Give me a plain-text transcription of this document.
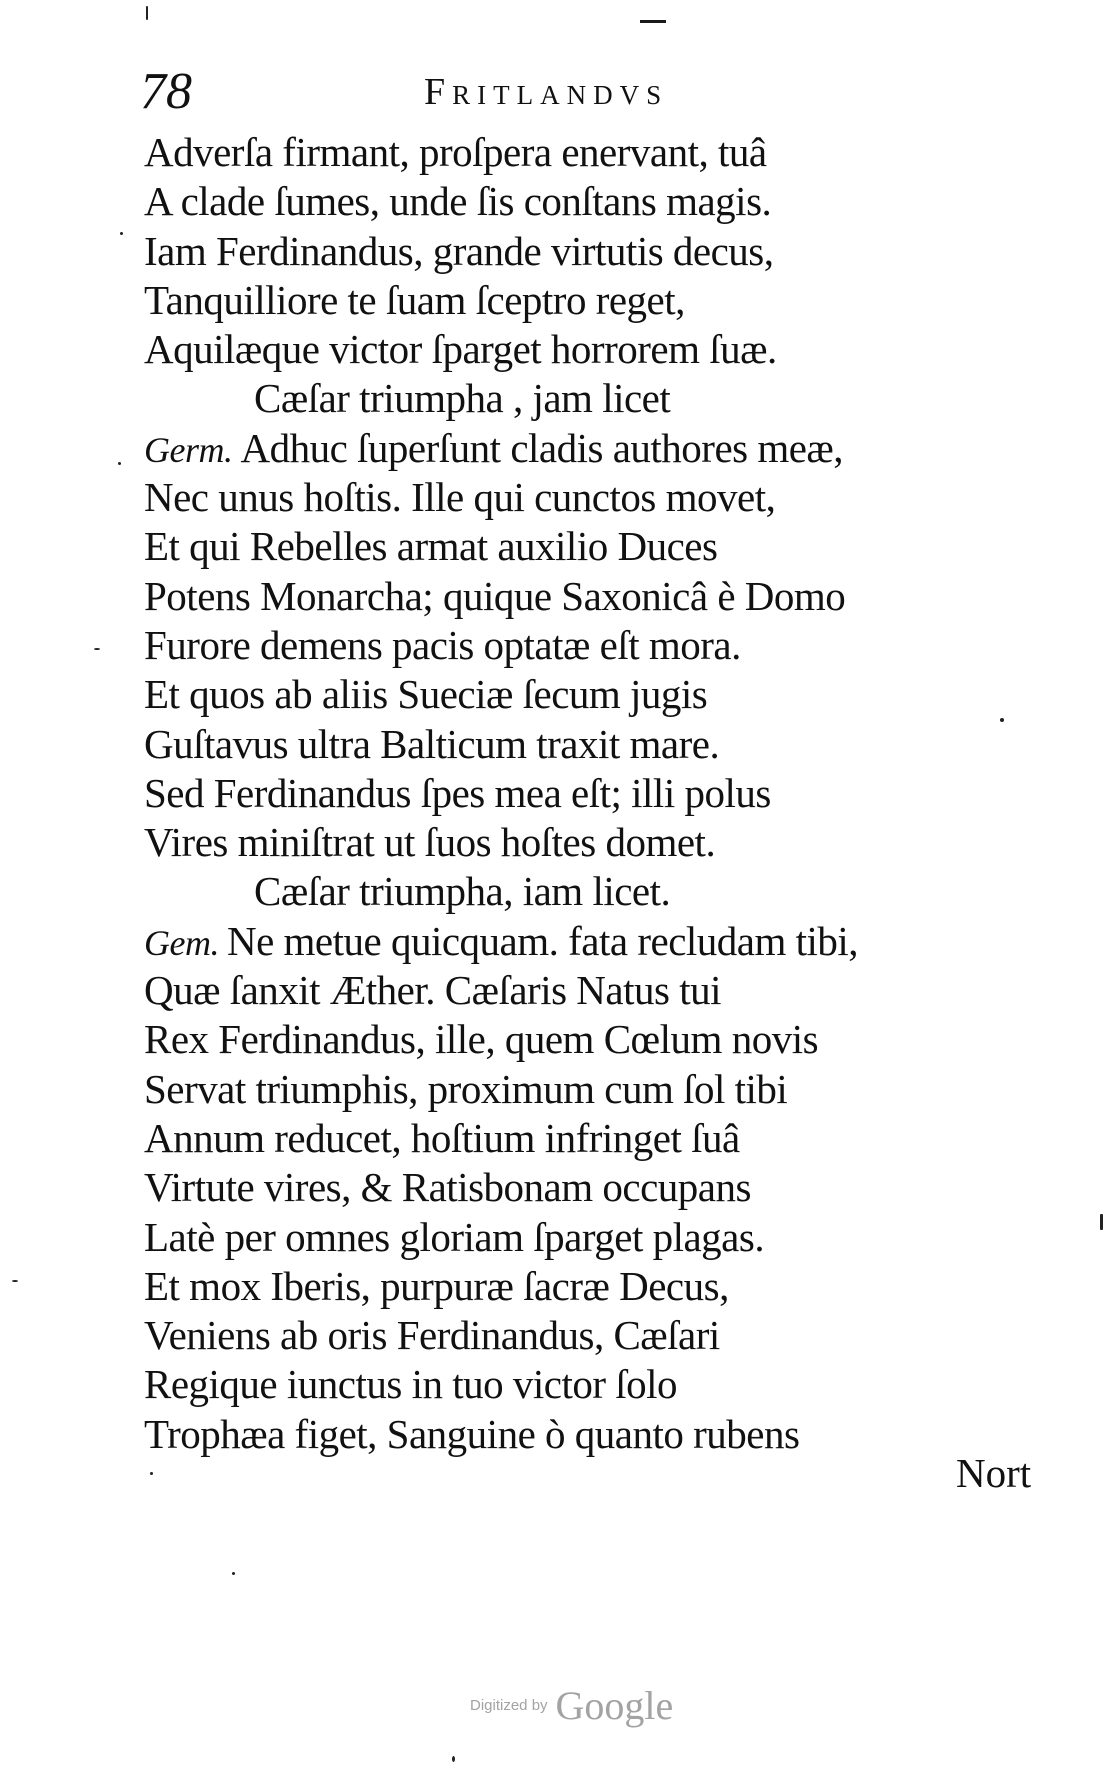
78	Fritlandvs
Adverſa firmant, proſpera enervant, tuâ
A clade ſumes, unde ſis conſtans magis.
Iam Ferdinandus, grande virtutis decus,
Tanquilliore te ſuam ſceptro reget,
Aquilæque victor ſparget horrorem ſuæ.
Cæſar triumpha , jam licet
Germ. Adhuc ſuperſunt cladis authores meæ,
Nec unus hoſtis. Ille qui cunctos movet,
Et qui Rebelles armat auxilio Duces
Potens Monarcha; quique Saxonicâ è Domo
Furore demens pacis optatæ eſt mora.
Et quos ab aliis Sueciæ ſecum jugis
Guſtavus ultra Balticum traxit mare.
Sed Ferdinandus ſpes mea eſt; illi polus
Vires miniſtrat ut ſuos hoſtes domet.
Cæſar triumpha, iam licet.
Gem. Ne metue quicquam. fata recludam tibi,
Quæ ſanxit Æther. Cæſaris Natus tui
Rex Ferdinandus, ille, quem Cœlum novis
Servat triumphis, proximum cum ſol tibi
Annum reducet, hoſtium infringet ſuâ
Virtute vires, & Ratisbonam occupans
Latè per omnes gloriam ſparget plagas.
Et mox Iberis, purpuræ ſacræ Decus,
Veniens ab oris Ferdinandus, Cæſari
Regique iunctus in tuo victor ſolo
Trophæa figet, Sanguine ò quanto rubens
Nort
Digitized by Google
